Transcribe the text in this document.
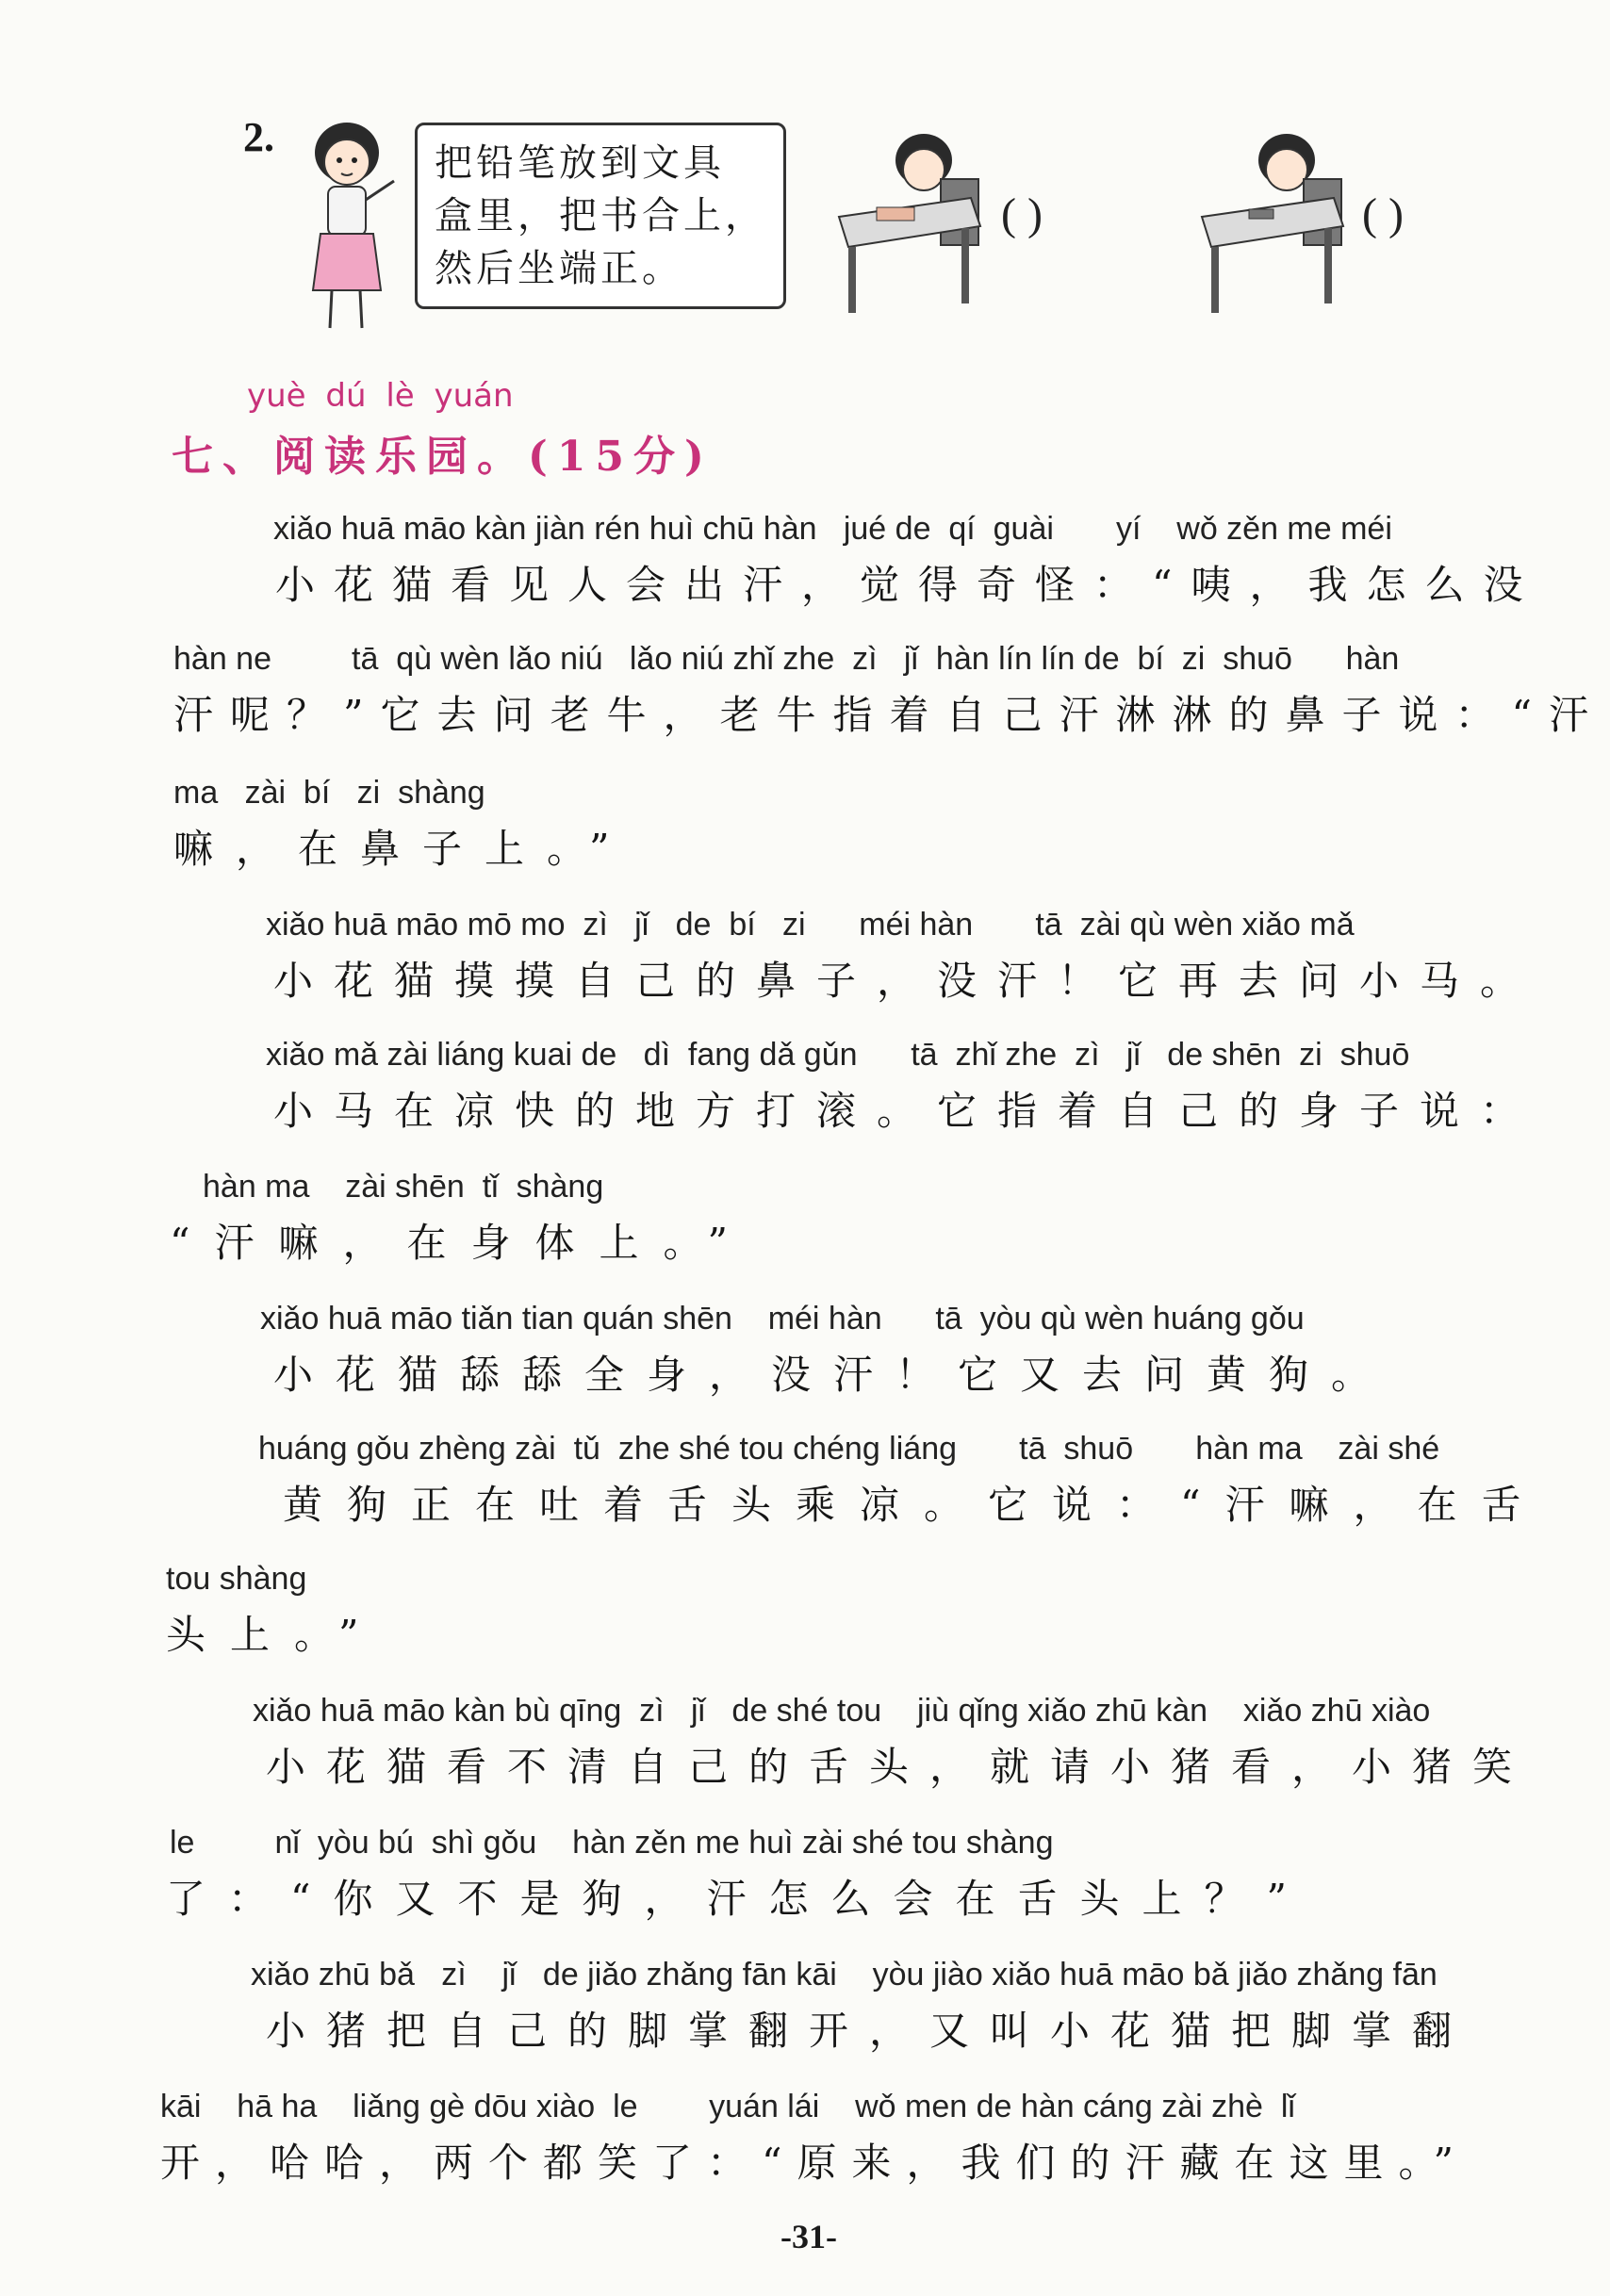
2.
把铅笔放到文具
盒里，把书合上，
然后坐端正。
( )	( )
yuè dú lè yuán
七、阅读乐园。(15分)
xiǎo huā māo kàn jiàn rén huì chū hàn   jué de  qí  guài       yí    wǒ zěn me méi
小花猫看见人会出汗，觉得奇怪：“咦，我怎么没
hàn ne         tā  qù wèn lǎo niú   lǎo niú zhǐ zhe  zì   jǐ  hàn lín lín de  bí  zi  shuō      hàn
汗呢？”它去问老牛，老牛指着自己汗淋淋的鼻子说：“汗
ma   zài  bí   zi  shàng
嘛，在鼻子上。”
xiǎo huā māo mō mo  zì   jǐ   de  bí   zi      méi hàn       tā  zài qù wèn xiǎo mǎ
小花猫摸摸自己的鼻子，没汗！它再去问小马。
xiǎo mǎ zài liáng kuai de   dì  fang dǎ gǔn      tā  zhǐ zhe  zì   jǐ   de shēn  zi  shuō
小马在凉快的地方打滚。它指着自己的身子说：
hàn ma    zài shēn  tǐ  shàng
“汗嘛，在身体上。”
xiǎo huā māo tiǎn tian quán shēn    méi hàn      tā  yòu qù wèn huáng gǒu
小花猫舔舔全身，没汗！它又去问黄狗。
huáng gǒu zhèng zài  tǔ  zhe shé tou chéng liáng       tā  shuō       hàn ma    zài shé
黄狗正在吐着舌头乘凉。它说：“汗嘛，在舌
tou shàng
头上。”
xiǎo huā māo kàn bù qīng  zì   jǐ   de shé tou    jiù qǐng xiǎo zhū kàn    xiǎo zhū xiào
小花猫看不清自己的舌头，就请小猪看，小猪笑
le         nǐ  yòu bú  shì gǒu    hàn zěn me huì zài shé tou shàng
了：“你又不是狗，汗怎么会在舌头上？”
xiǎo zhū bǎ   zì    jǐ   de jiǎo zhǎng fān kāi    yòu jiào xiǎo huā māo bǎ jiǎo zhǎng fān
小猪把自己的脚掌翻开，又叫小花猫把脚掌翻
kāi    hā ha    liǎng gè dōu xiào  le        yuán lái    wǒ men de hàn cáng zài zhè  lǐ
开，哈哈，两个都笑了：“原来，我们的汗藏在这里。”
-31-
